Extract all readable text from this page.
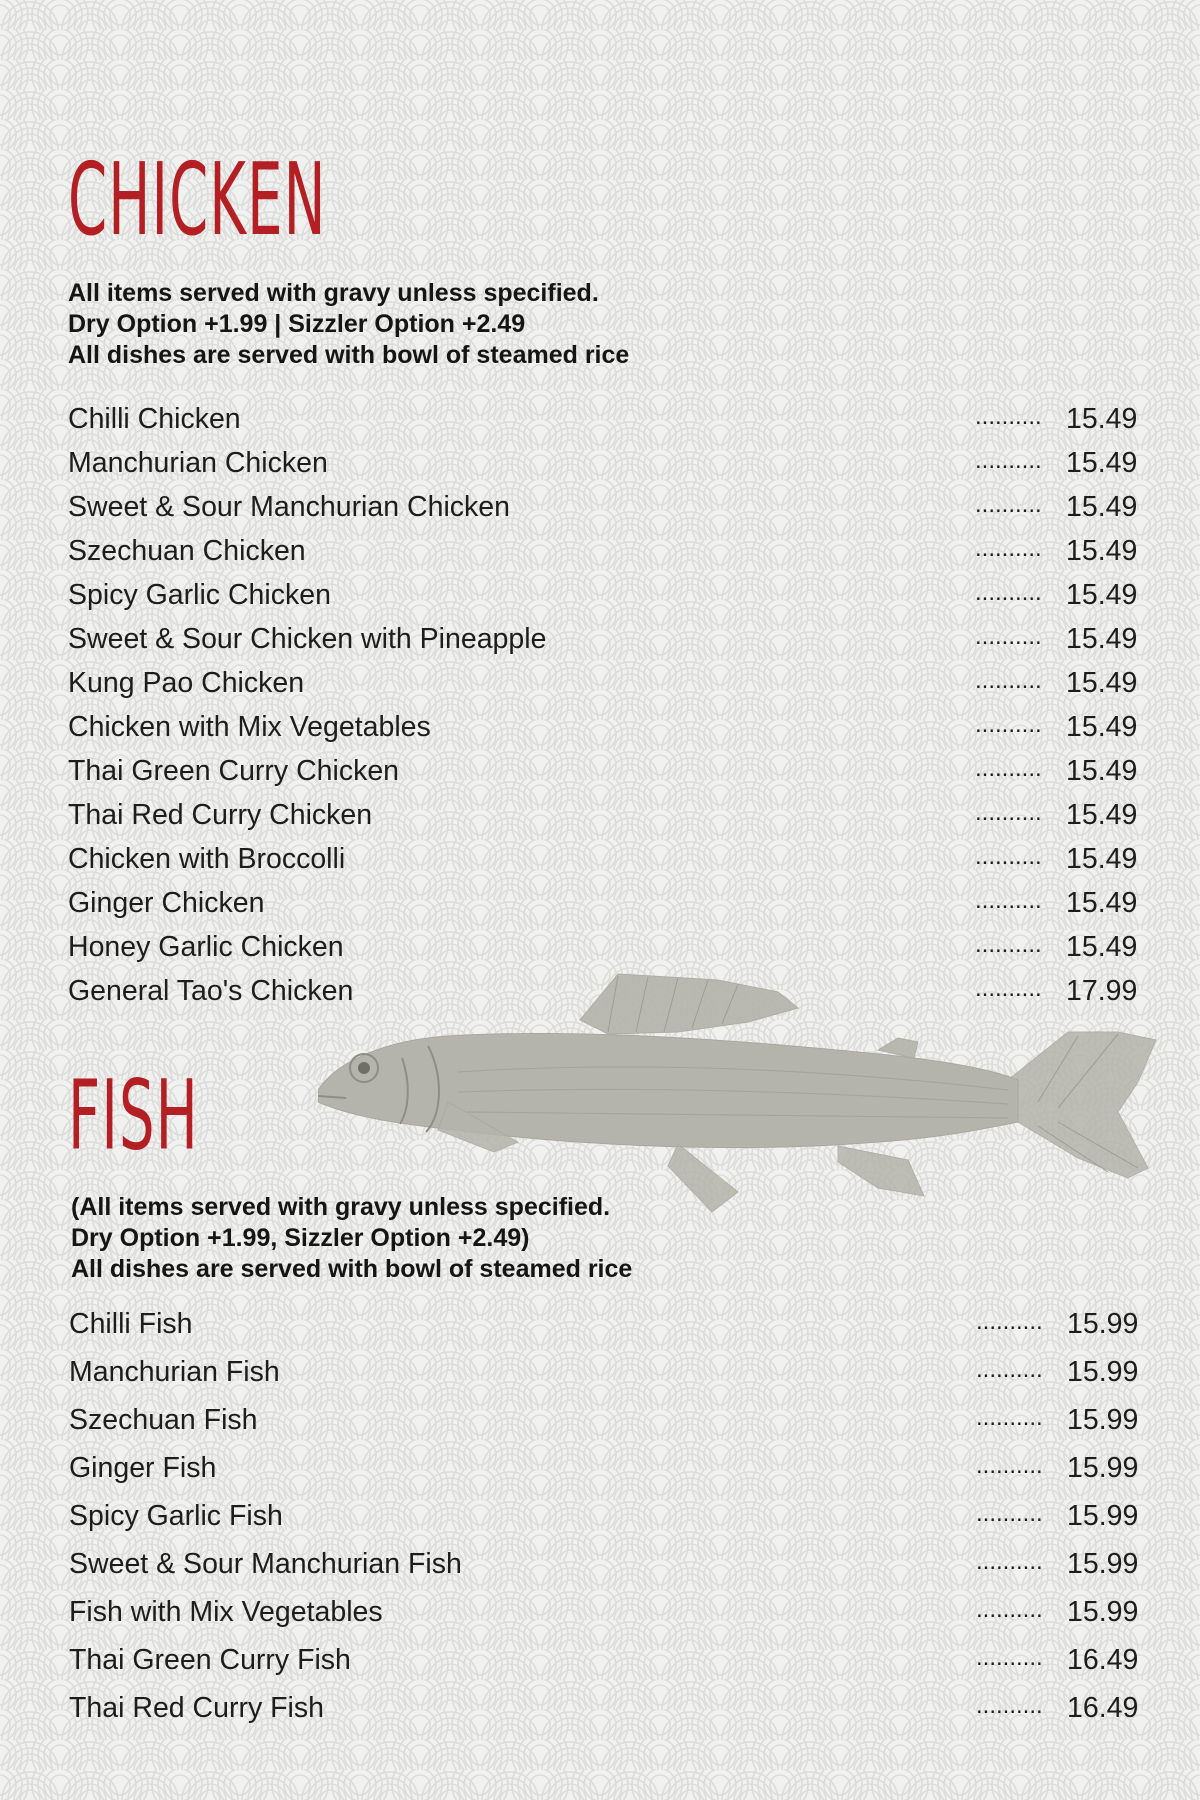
CHICKEN
All items served with gravy unless specified.
Dry Option +1.99 | Sizzler Option +2.49
All dishes are served with bowl of steamed rice
Chilli Chicken	.......... 15.49
Manchurian Chicken	.......... 15.49
Sweet & Sour Manchurian Chicken	.......... 15.49
Szechuan Chicken	.......... 15.49
Spicy Garlic Chicken	.......... 15.49
Sweet & Sour Chicken with Pineapple	.......... 15.49
Kung Pao Chicken	.......... 15.49
Chicken with Mix Vegetables	.......... 15.49
Thai Green Curry Chicken	.......... 15.49
Thai Red Curry Chicken	.......... 15.49
Chicken with Broccolli	.......... 15.49
Ginger Chicken	.......... 15.49
Honey Garlic Chicken	.......... 15.49
General Tao's Chicken	.......... 17.99
FISH
(All items served with gravy unless specified.
Dry Option +1.99, Sizzler Option +2.49)
All dishes are served with bowl of steamed rice
Chilli Fish	.......... 15.99
Manchurian Fish	.......... 15.99
Szechuan Fish	.......... 15.99
Ginger Fish	.......... 15.99
Spicy Garlic Fish	.......... 15.99
Sweet & Sour Manchurian Fish	.......... 15.99
Fish with Mix Vegetables	.......... 15.99
Thai Green Curry Fish	.......... 16.49
Thai Red Curry Fish	.......... 16.49
